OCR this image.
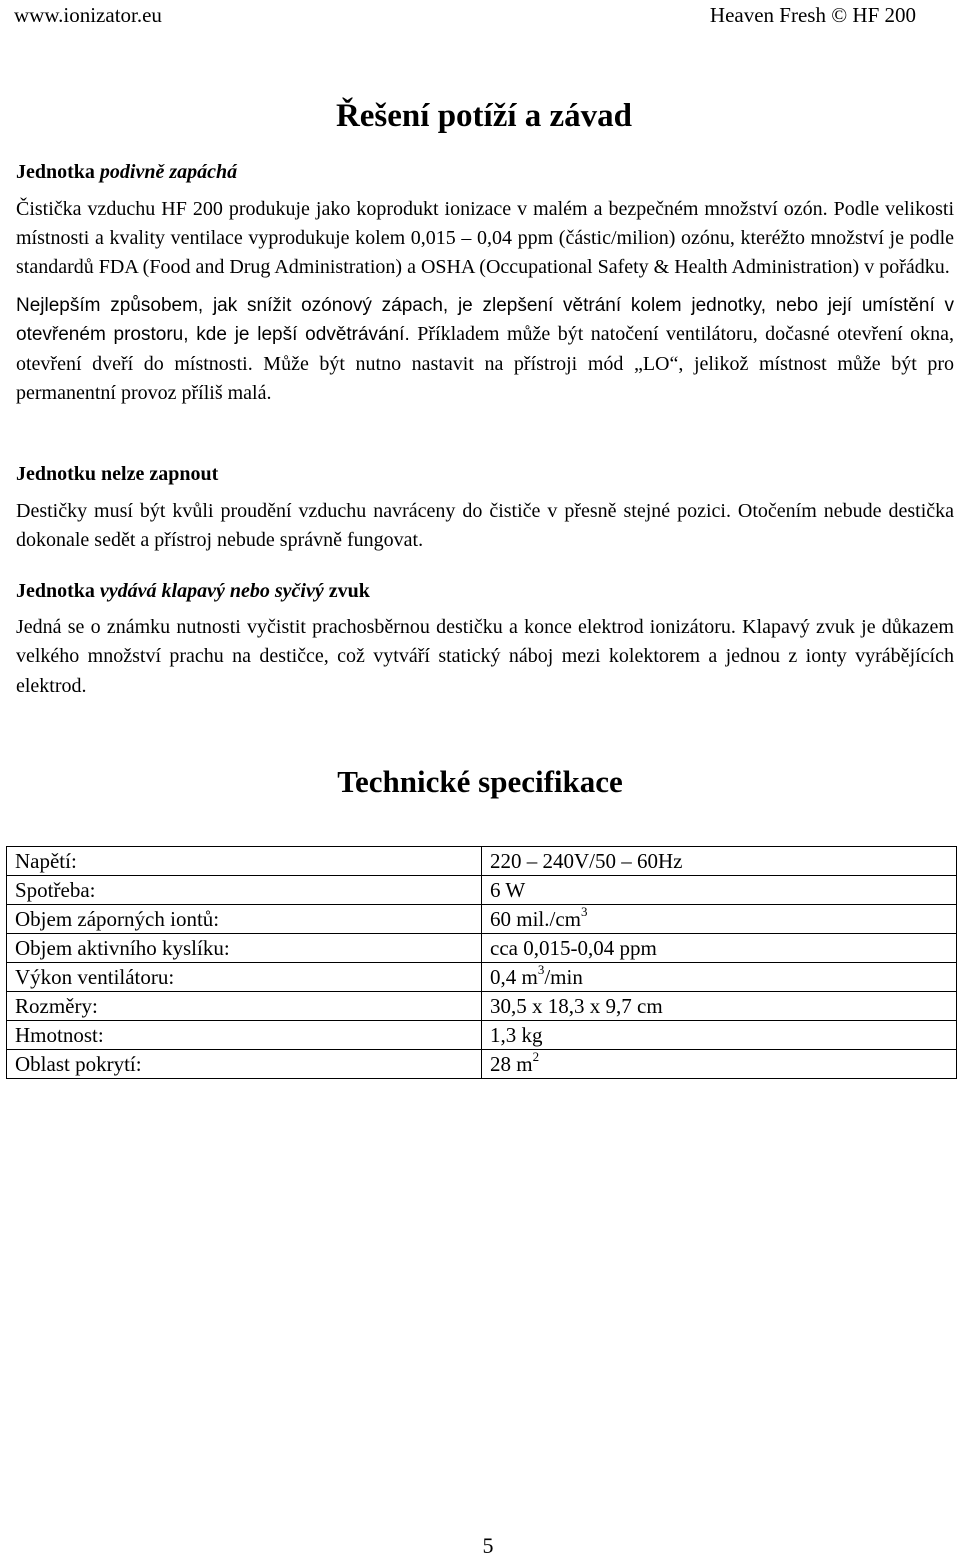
www.ionizator.eu	Heaven Fresh © HF 200
Řešení potíží a závad

Jednotka podivně zapáchá

Čistička vzduchu HF 200 produkuje jako koprodukt ionizace v malém a bezpečném množství ozón. Podle velikosti místnosti a kvality ventilace vyprodukuje kolem 0,015 – 0,04 ppm (částic/milion) ozónu, kteréžto množství je podle standardů FDA (Food and Drug Administration) a OSHA (Occupational Safety & Health Administration) v pořádku.

Nejlepším způsobem, jak snížit ozónový zápach, je zlepšení větrání kolem jednotky, nebo její umístění v otevřeném prostoru, kde je lepší odvětrávání. Příkladem může být natočení ventilátoru, dočasné otevření okna, otevření dveří do místnosti. Může být nutno nastavit na přístroji mód „LO“, jelikož místnost může být pro permanentní provoz příliš malá.

Jednotku nelze zapnout

Destičky musí být kvůli proudění vzduchu navráceny do čističe v přesně stejné pozici. Otočením nebude destička dokonale sedět a přístroj nebude správně fungovat.

Jednotka vydává klapavý nebo syčivý zvuk

Jedná se o známku nutnosti vyčistit prachosběrnou destičku a konce elektrod ionizátoru. Klapavý zvuk je důkazem velkého množství prachu na destičce, což vytváří statický náboj mezi kolektorem a jednou z ionty vyrábějících elektrod.

Technické specifikace
Napětí:	220 – 240V/50 – 60Hz
Spotřeba:	6 W
Objem záporných iontů:	60 $mil./cm^3$
Objem aktivního kyslíku:	cca 0,015-0,04 ppm
Výkon ventilátoru:	0,4 $m^3/\min$
Rozměry:	30,5 x 18,3 x 9,7 cm
Hmotnost:	1,3 kg
Oblast pokrytí:	28 $m^2$
5
